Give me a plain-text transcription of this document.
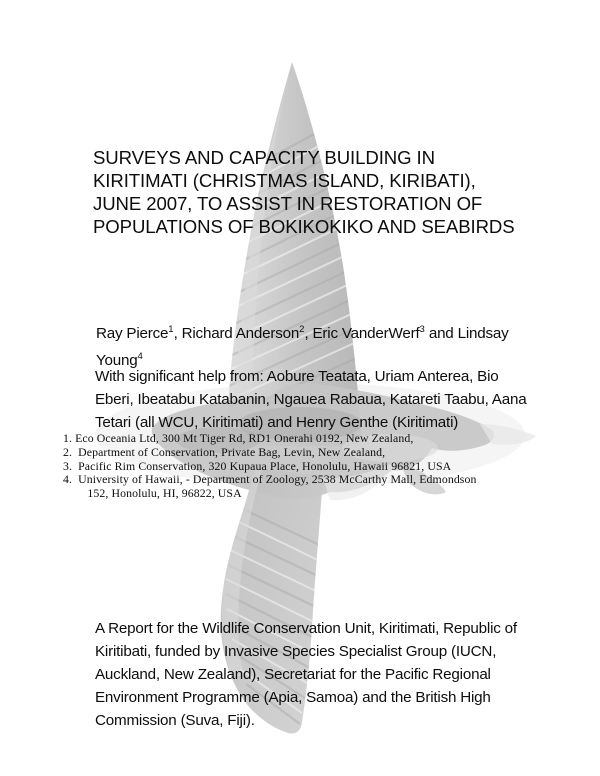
SURVEYS AND CAPACITY BUILDING IN
KIRITIMATI (CHRISTMAS ISLAND, KIRIBATI),
JUNE 2007, TO ASSIST IN RESTORATION OF
POPULATIONS OF BOKIKOKIKO AND SEABIRDS
Ray Pierce$^1$, Richard Anderson$^2$, Eric VanderWerf$^3$ and Lindsay
Young$^4$
With significant help from: Aobure Teatata, Uriam Anterea, Bio
Eberi, Ibeatabu Katabanin, Ngauea Rabaua, Katareti Taabu, Aana
Tetari (all WCU, Kiritimati) and Henry Genthe (Kiritimati)
1. Eco Oceania Ltd, 300 Mt Tiger Rd, RD1 Onerahi 0192, New Zealand,
2.  Department of Conservation, Private Bag, Levin, New Zealand,
3.  Pacific Rim Conservation, 320 Kupaua Place, Honolulu, Hawaii 96821, USA
4.  University of Hawaii, - Department of Zoology, 2538 McCarthy Mall, Edmondson
152, Honolulu, HI, 96822, USA
A Report for the Wildlife Conservation Unit, Kiritimati, Republic of
Kiritibati, funded by Invasive Species Specialist Group (IUCN,
Auckland, New Zealand), Secretariat for the Pacific Regional
Environment Programme (Apia, Samoa) and the British High
Commission (Suva, Fiji).
